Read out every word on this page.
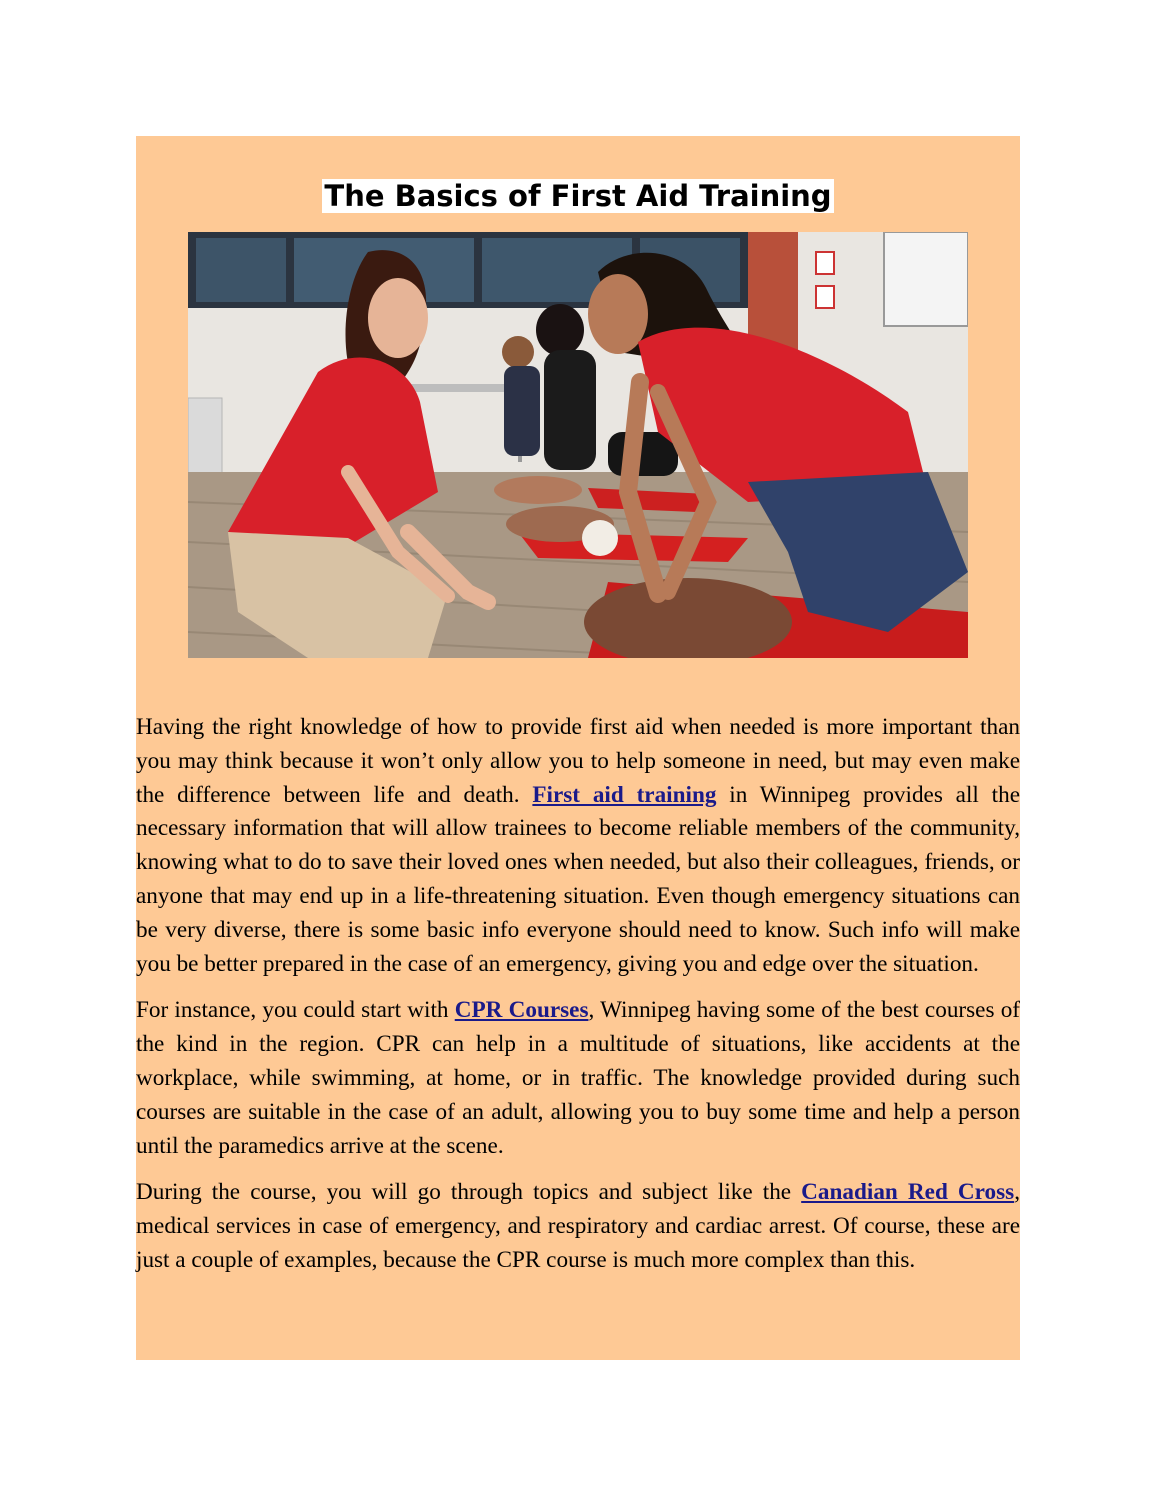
The Basics of First Aid Training

Having the right knowledge of how to provide first aid when needed is more important than you may think because it won’t only allow you to help someone in need, but may even make the difference between life and death. First aid training in Winnipeg provides all the necessary information that will allow trainees to become reliable members of the community, knowing what to do to save their loved ones when needed, but also their colleagues, friends, or anyone that may end up in a life-threatening situation. Even though emergency situations can be very diverse, there is some basic info everyone should need to know. Such info will make you be better prepared in the case of an emergency, giving you and edge over the situation.

For instance, you could start with CPR Courses, Winnipeg having some of the best courses of the kind in the region. CPR can help in a multitude of situations, like accidents at the workplace, while swimming, at home, or in traffic. The knowledge provided during such courses are suitable in the case of an adult, allowing you to buy some time and help a person until the paramedics arrive at the scene.

During the course, you will go through topics and subject like the Canadian Red Cross, medical services in case of emergency, and respiratory and cardiac arrest. Of course, these are just a couple of examples, because the CPR course is much more complex than this.
